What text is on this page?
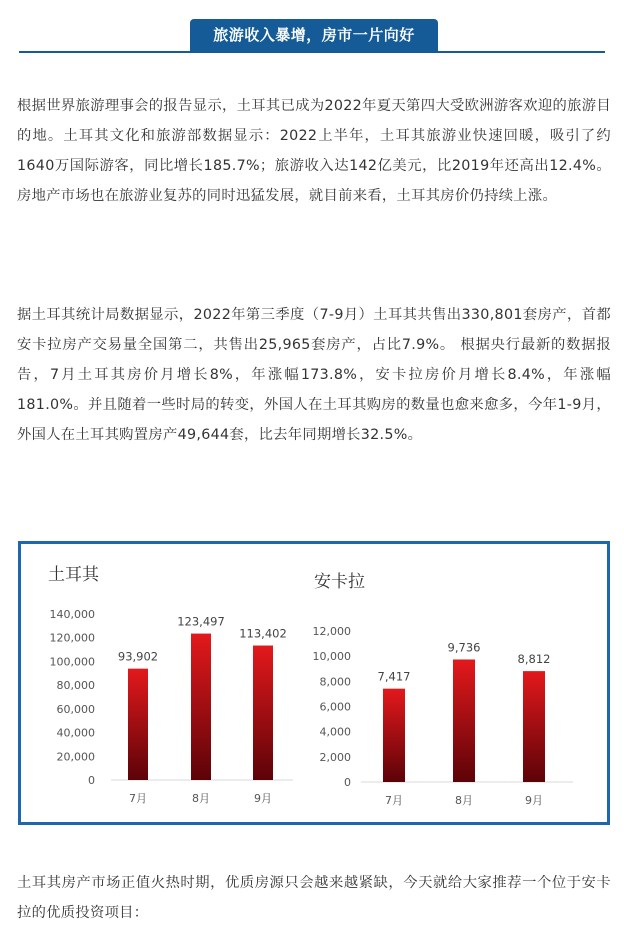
旅游收入暴增，房市一片向好

根据世界旅游理事会的报告显示，土耳其已成为2022年夏天第四大受欧洲游客欢迎的旅游目的地。土耳其文化和旅游部数据显示：2022上半年，土耳其旅游业快速回暖，吸引了约1640万国际游客，同比增长185.7%；旅游收入达142亿美元，比2019年还高出12.4%。房地产市场也在旅游业复苏的同时迅猛发展，就目前来看，土耳其房价仍持续上涨。

据土耳其统计局数据显示，2022年第三季度（7-9月）土耳其共售出330,801套房产，首都安卡拉房产交易量全国第二，共售出25,965套房产，占比7.9%。 根据央行最新的数据报告，7月土耳其房价月增长8%，年涨幅173.8%，安卡拉房价月增长8.4%，年涨幅181.0%。并且随着一些时局的转变，外国人在土耳其购房的数量也愈来愈多，今年1-9月，外国人在土耳其购置房产49,644套，比去年同期增长32.5%。

土耳其	安卡拉
0
20,000
40,000
60,000
80,000
100,000
120,000
140,000
93,902
7月
123,497
8月
113,402
9月
0
2,000
4,000
6,000
8,000
10,000
12,000
7,417
7月
9,736
8月
8,812
9月

土耳其房产市场正值火热时期，优质房源只会越来越紧缺，今天就给大家推荐一个位于安卡拉的优质投资项目：
